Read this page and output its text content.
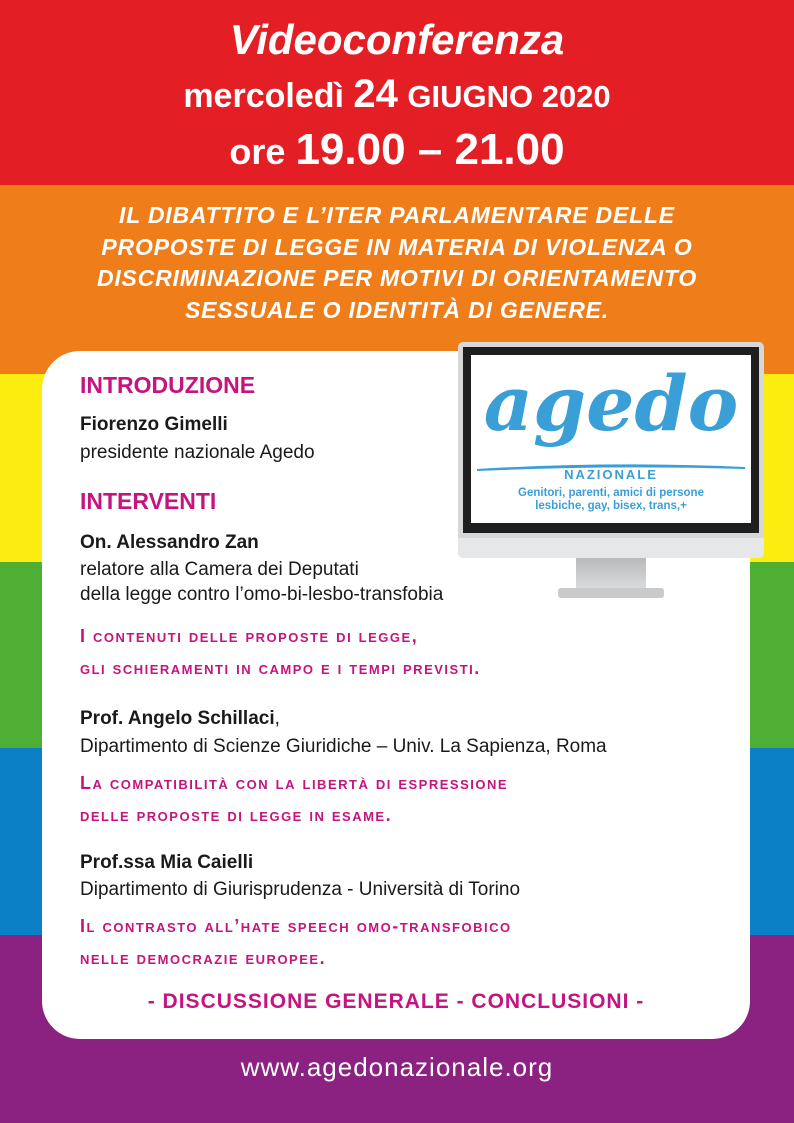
Videoconferenza
mercoledì 24 GIUGNO 2020
ore 19.00 – 21.00
IL DIBATTITO E L’ITER PARLAMENTARE DELLE
PROPOSTE DI LEGGE IN MATERIA DI VIOLENZA O
DISCRIMINAZIONE PER MOTIVI DI ORIENTAMENTO
SESSUALE O IDENTITÀ DI GENERE.
agedo
NAZIONALE
Genitori, parenti, amici di persone
lesbiche, gay, bisex, trans,+
INTRODUZIONE
Fiorenzo Gimelli
presidente nazionale Agedo
INTERVENTI
On. Alessandro Zan
relatore alla Camera dei Deputati
della legge contro l’omo-bi-lesbo-transfobia
I contenuti delle proposte di legge,
gli schieramenti in campo e i tempi previsti.
Prof. Angelo Schillaci,
Dipartimento di Scienze Giuridiche – Univ. La Sapienza, Roma
La compatibilità con la libertà di espressione
delle proposte di legge in esame.
Prof.ssa Mia Caielli
Dipartimento di Giurisprudenza - Università di Torino
Il contrasto all’hate speech omo-transfobico
nelle democrazie europee.
- DISCUSSIONE GENERALE - CONCLUSIONI -
www.agedonazionale.org
